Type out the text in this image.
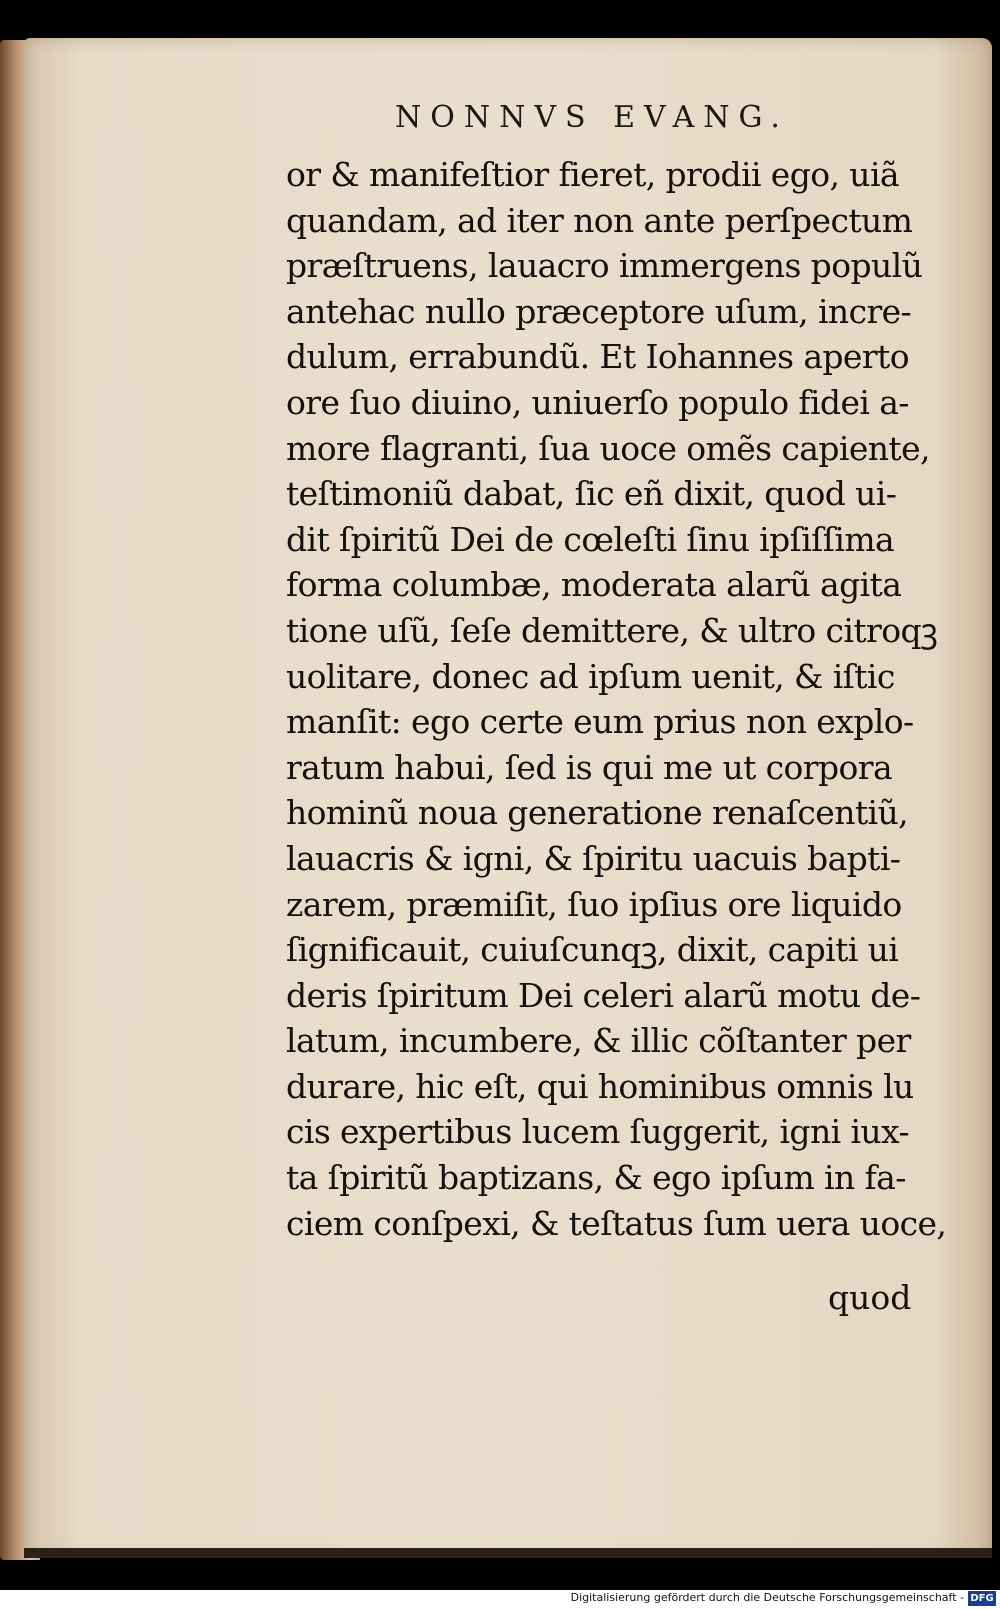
NONNVS EVANG.
or & manifeſtior fieret, prodii ego, uiã
quandam, ad iter non ante perſpectum
præſtruens, lauacro immergens populũ
antehac nullo præceptore uſum, incre-
dulum, errabundũ. Et Iohannes aperto
ore ſuo diuino, uniuerſo populo fidei a-
more flagranti, ſua uoce omẽs capiente,
teſtimoniũ dabat, ſic eñ dixit, quod ui-
dit ſpiritũ Dei de cœleſti ſinu ipſiſſima
forma columbæ, moderata alarũ agita
tione uſũ, ſeſe demittere, & ultro citroqꝫ
uolitare, donec ad ipſum uenit, & iſtic
manſit: ego certe eum prius non explo-
ratum habui, ſed is qui me ut corpora
hominũ noua generatione renaſcentiũ,
lauacris & igni, & ſpiritu uacuis bapti-
zarem, præmiſit, ſuo ipſius ore liquido
ſignificauit, cuiuſcunqꝫ, dixit, capiti ui
deris ſpiritum Dei celeri alarũ motu de-
latum, incumbere, & illic cõſtanter per
durare, hic eſt, qui hominibus omnis lu
cis expertibus lucem ſuggerit, igni iux-
ta ſpiritũ baptizans, & ego ipſum in fa-
ciem conſpexi, & teſtatus ſum uera uoce,
quod
Digitalisierung gefördert durch die Deutsche Forschungsgemeinschaft - DFG
